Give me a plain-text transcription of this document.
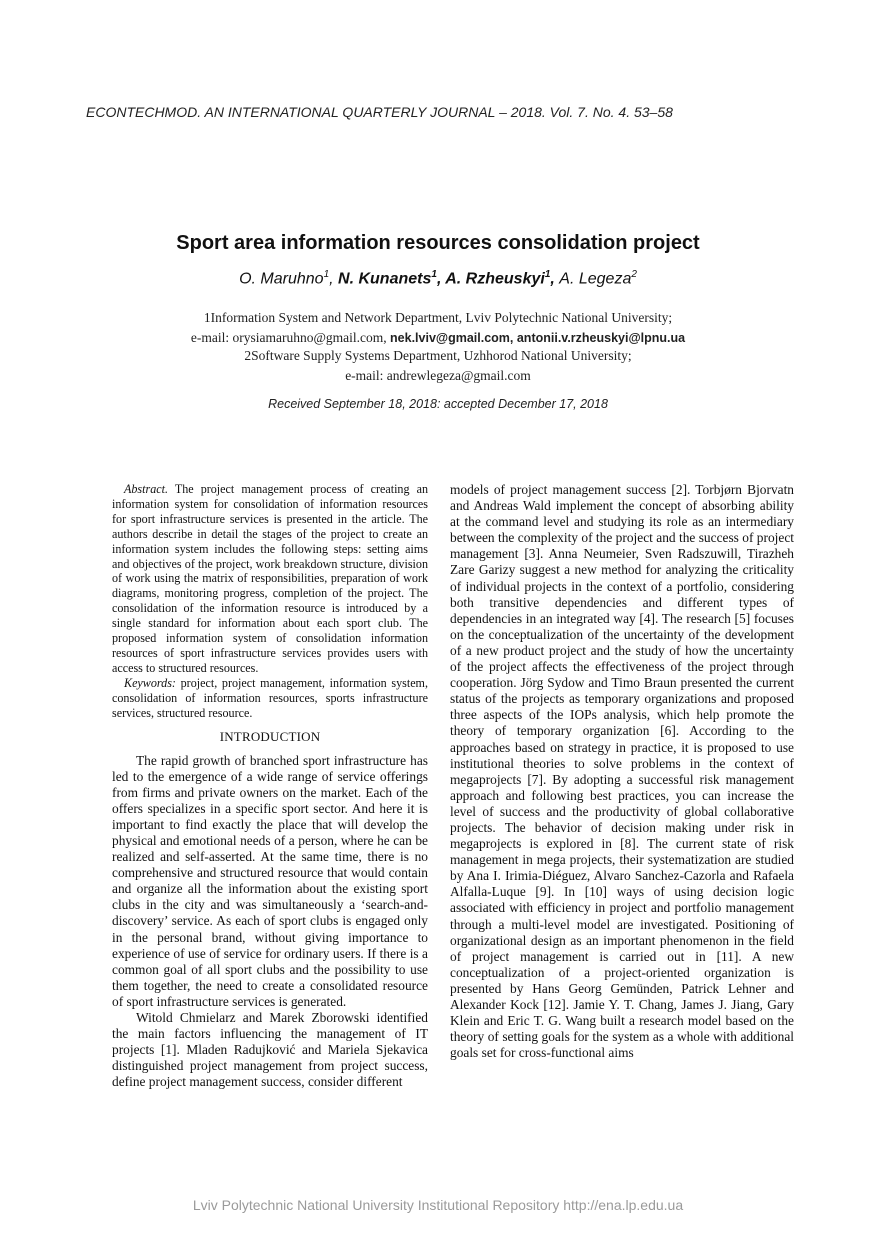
ECONTECHMOD. AN INTERNATIONAL QUARTERLY JOURNAL – 2018. Vol. 7. No. 4. 53–58
Sport area information resources consolidation project
O. Maruhno$^1$, N. Kunanets$^1$, A. Rzheuskyi$^1$, A. Legeza$^2$
1Information System and Network Department, Lviv Polytechnic National University;
e-mail: orysiamaruhno@gmail.com, nek.lviv@gmail.com, antonii.v.rzheuskyi@lpnu.ua
2Software Supply Systems Department, Uzhhorod National University;
e-mail: andrewlegeza@gmail.com
Received September 18, 2018: accepted December 17, 2018

Abstract. The project management process of creating an information system for consolidation of information resources for sport infrastructure services is presented in the article. The authors describe in detail the stages of the project to create an information system includes the following steps: setting aims and objectives of the project, work breakdown structure, division of work using the matrix of responsibilities, preparation of work diagrams, monitoring progress, completion of the project. The consolidation of the information resource is introduced by a single standard for information about each sport club. The proposed information system of consolidation information resources of sport infrastructure services provides users with access to structured resources.

Keywords: project, project management, information system, consolidation of information resources, sports infrastructure services, structured resource.

INTRODUCTION

The rapid growth of branched sport infrastructure has led to the emergence of a wide range of service offerings from firms and private owners on the market. Each of the offers specializes in a specific sport sector. And here it is important to find exactly the place that will develop the physical and emotional needs of a person, where he can be realized and self-asserted. At the same time, there is no comprehensive and structured resource that would contain and organize all the information about the existing sport clubs in the city and was simultaneously a ‘search-and-discovery’ service. As each of sport clubs is engaged only in the personal brand, without giving importance to experience of use of service for ordinary users. If there is a common goal of all sport clubs and the possibility to use them together, the need to create a consolidated resource of sport infrastructure services is generated.

Witold Chmielarz and Marek Zborowski identified the main factors influencing the management of IT projects [1]. Mladen Radujković and Mariela Sjekavica distinguished project management from project success, define project management success, consider different

models of project management success [2]. Torbjørn Bjorvatn and Andreas Wald implement the concept of absorbing ability at the command level and studying its role as an intermediary between the complexity of the project and the success of project management [3]. Anna Neumeier, Sven Radszuwill, Tirazheh Zare Garizy suggest a new method for analyzing the criticality of individual projects in the context of a portfolio, considering both transitive dependencies and different types of dependencies in an integrated way [4]. The research [5] focuses on the conceptualization of the uncertainty of the development of a new product project and the study of how the uncertainty of the project affects the effectiveness of the project through cooperation. Jörg Sydow and Timo Braun presented the current status of the projects as temporary organizations and proposed three aspects of the IOPs analysis, which help promote the theory of temporary organization [6]. According to the approaches based on strategy in practice, it is proposed to use institutional theories to solve problems in the context of megaprojects [7]. By adopting a successful risk management approach and following best practices, you can increase the level of success and the productivity of global collaborative projects. The behavior of decision making under risk in megaprojects is explored in [8]. The current state of risk management in mega projects, their systematization are studied by Ana I. Irimia-Diéguez, Alvaro Sanchez-Cazorla and Rafaela Alfalla-Luque [9]. In [10] ways of using decision logic associated with efficiency in project and portfolio management through a multi-level model are investigated. Positioning of organizational design as an important phenomenon in the field of project management is carried out in [11]. A new conceptualization of a project-oriented organization is presented by Hans Georg Gemünden, Patrick Lehner and Alexander Kock [12]. Jamie Y. T. Chang, James J. Jiang, Gary Klein and Eric T. G. Wang built a research model based on the theory of setting goals for the system as a whole with additional goals set for cross-functional aims

Lviv Polytechnic National University Institutional Repository http://ena.lp.edu.ua
